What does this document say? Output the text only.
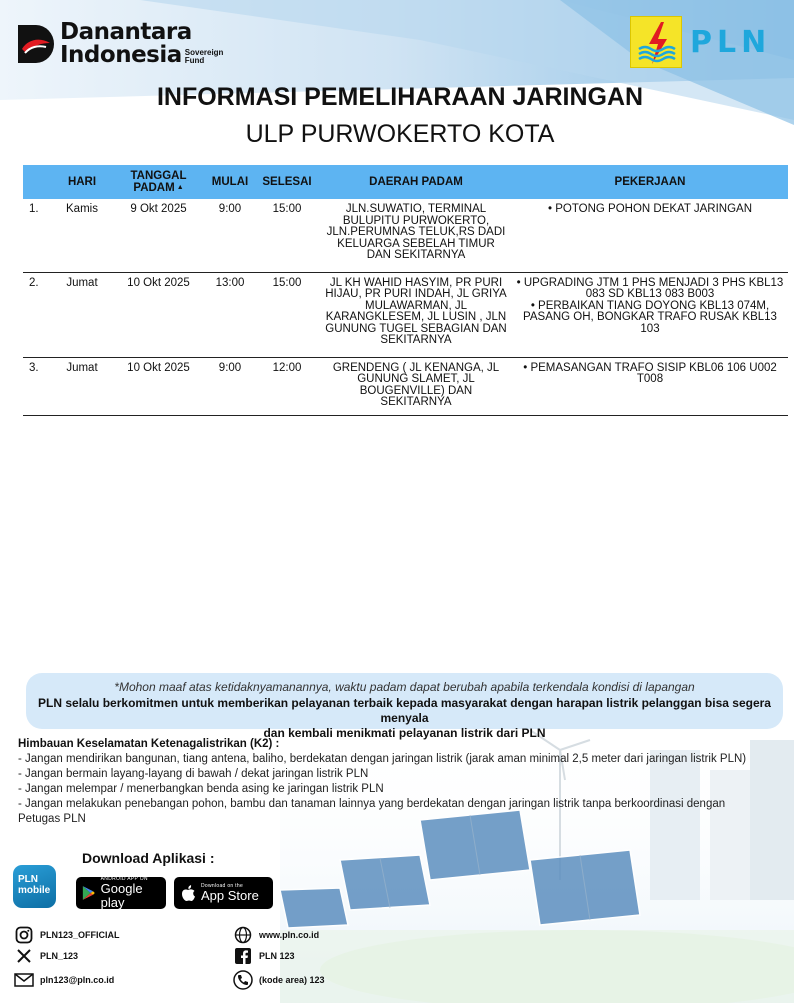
Danantara
Indonesia Sovereign
Fund
PLN
INFORMASI PEMELIHARAAN JARINGAN
ULP PURWOKERTO KOTA
	HARI	TANGGAL
PADAM ▲	MULAI	SELESAI	DAERAH PADAM	PEKERJAAN
1.	Kamis	9 Okt 2025	9:00	15:00	JLN.SUWATIO, TERMINAL BULUPITU PURWOKERTO, JLN.PERUMNAS TELUK,RS DADI KELUARGA SEBELAH TIMUR DAN SEKITARNYA	• POTONG POHON DEKAT JARINGAN

2.	Jumat	10 Okt 2025	13:00	15:00	JL KH WAHID HASYIM, PR PURI HIJAU, PR PURI INDAH, JL GRIYA MULAWARMAN, JL KARANGKLESEM, JL LUSIN , JLN GUNUNG TUGEL SEBAGIAN DAN SEKITARNYA	• UPGRADING JTM 1 PHS MENJADI 3 PHS KBL13 083 SD KBL13 083 B003
• PERBAIKAN TIANG DOYONG KBL13 074M, PASANG OH, BONGKAR TRAFO RUSAK KBL13 103

3.	Jumat	10 Okt 2025	9:00	12:00	GRENDENG ( JL KENANGA, JL GUNUNG SLAMET, JL BOUGENVILLE) DAN SEKITARNYA	• PEMASANGAN TRAFO SISIP KBL06 106 U002 T008
*Mohon maaf atas ketidaknyamanannya, waktu padam dapat berubah apabila terkendala kondisi di lapangan
PLN selalu berkomitmen untuk memberikan pelayanan terbaik kepada masyarakat dengan harapan listrik pelanggan bisa segera menyala
dan kembali menikmati pelayanan listrik dari PLN
Himbauan Keselamatan Ketenagalistrikan (K2) :
- Jangan mendirikan bangunan, tiang antena, baliho, berdekatan dengan jaringan listrik (jarak aman minimal 2,5 meter dari jaringan listrik PLN)
- Jangan bermain layang-layang di bawah / dekat jaringan listrik PLN
- Jangan melempar / menerbangkan benda asing ke jaringan listrik PLN
- Jangan melakukan penebangan pohon, bambu dan tanaman lainnya yang berdekatan dengan jaringan listrik tanpa berkoordinasi dengan
Petugas PLN
Download Aplikasi :
PLN
mobile
ANDROID APP ON
Google play
Download on the
App Store
PLN123_OFFICIAL
PLN_123
pln123@pln.co.id
www.pln.co.id
PLN 123
(kode area) 123
